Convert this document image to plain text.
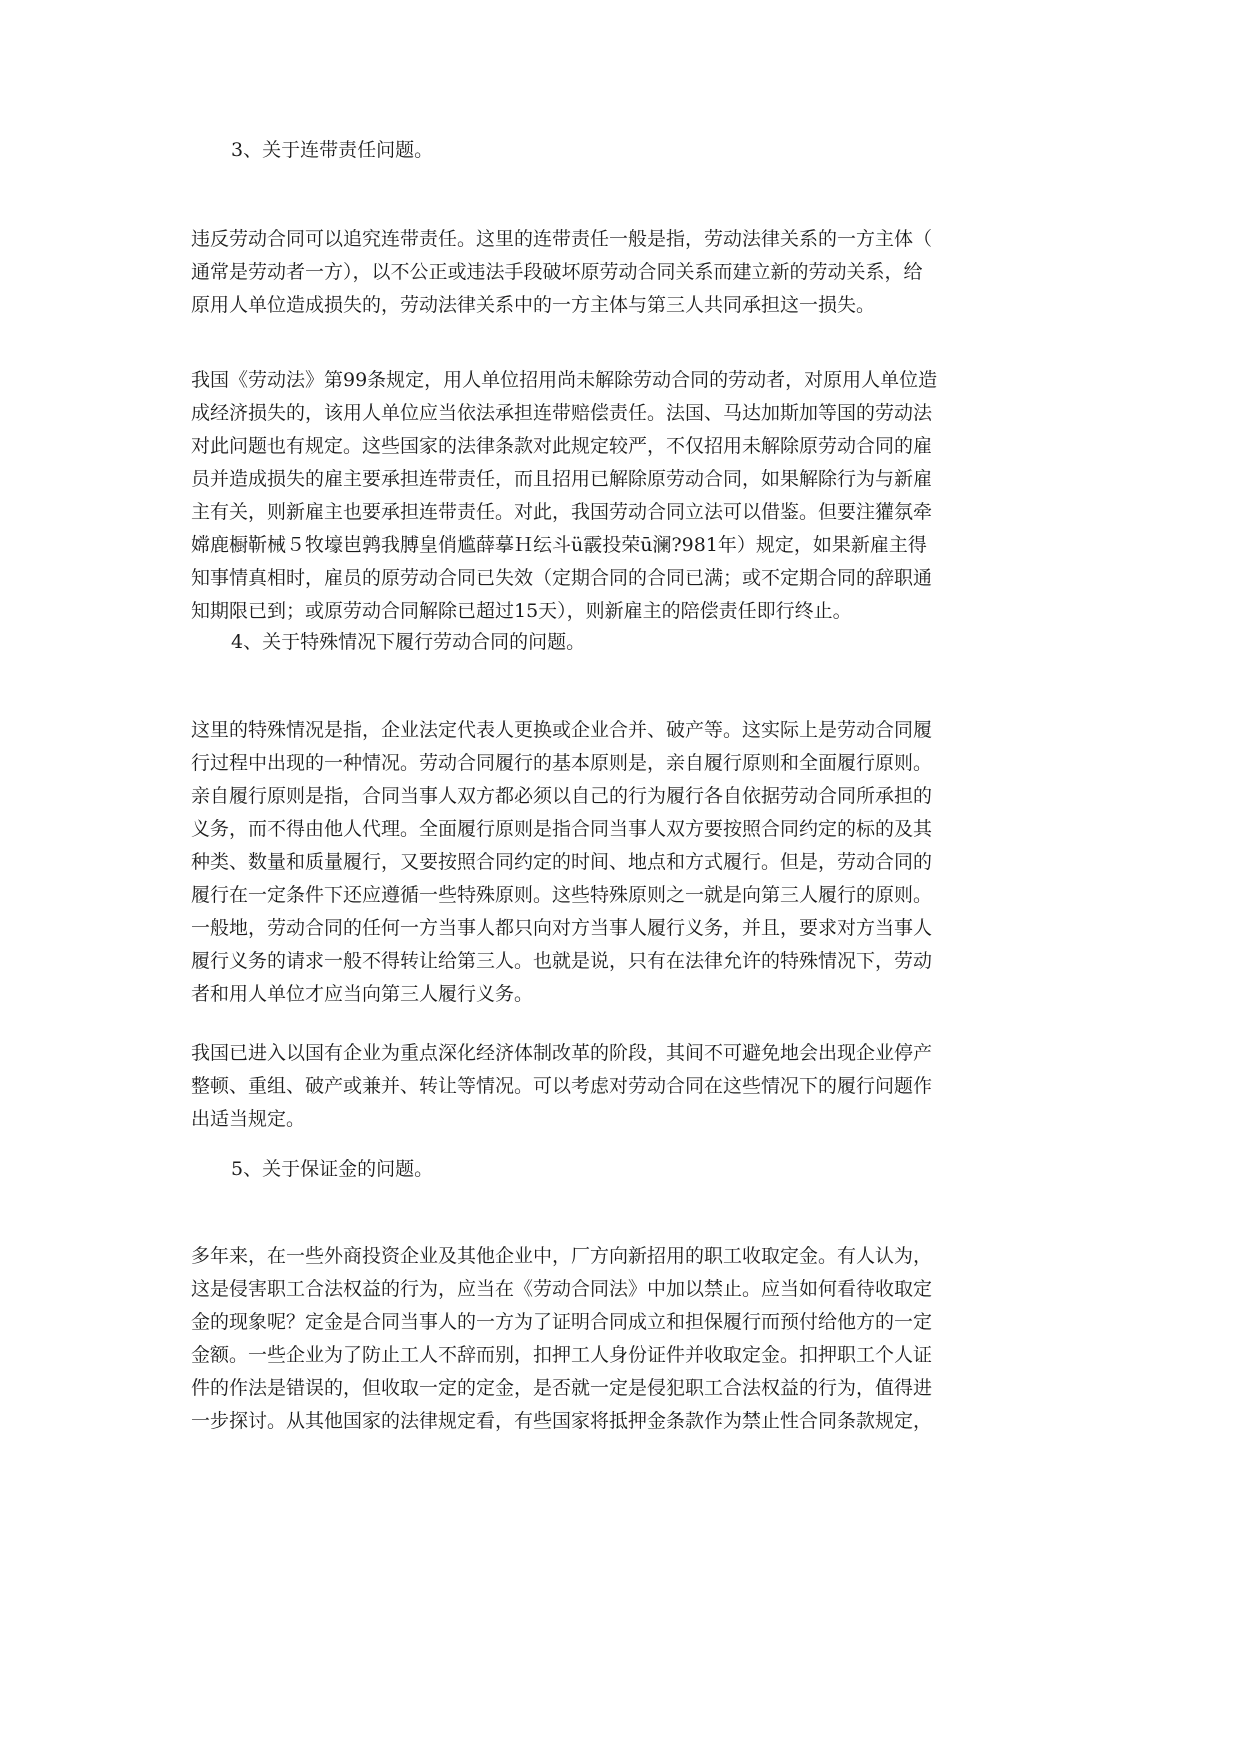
3、关于连带责任问题。
违反劳动合同可以追究连带责任。这里的连带责任一般是指，劳动法律关系的一方主体（
通常是劳动者一方），以不公正或违法手段破坏原劳动合同关系而建立新的劳动关系，给
原用人单位造成损失的，劳动法律关系中的一方主体与第三人共同承担这一损失。
我国《劳动法》第99条规定，用人单位招用尚未解除劳动合同的劳动者，对原用人单位造
成经济损失的，该用人单位应当依法承担连带赔偿责任。法国、马达加斯加等国的劳动法
对此问题也有规定。这些国家的法律条款对此规定较严，不仅招用未解除原劳动合同的雇
员并造成损失的雇主要承担连带责任，而且招用已解除原劳动合同，如果解除行为与新雇
主有关，则新雇主也要承担连带责任。对此，我国劳动合同立法可以借鉴。但要注獾氛牵
嫦鹿橱靳械５牧壕岜鹑我膊皇俏尴薛摹Ｈ纭斗ü霰投荣ū澜?981年）规定，如果新雇主得
知事情真相时，雇员的原劳动合同已失效（定期合同的合同已满；或不定期合同的辞职通
知期限已到；或原劳动合同解除已超过15天），则新雇主的陪偿责任即行终止。
4、关于特殊情况下履行劳动合同的问题。
这里的特殊情况是指，企业法定代表人更换或企业合并、破产等。这实际上是劳动合同履
行过程中出现的一种情况。劳动合同履行的基本原则是，亲自履行原则和全面履行原则。
亲自履行原则是指，合同当事人双方都必须以自己的行为履行各自依据劳动合同所承担的
义务，而不得由他人代理。全面履行原则是指合同当事人双方要按照合同约定的标的及其
种类、数量和质量履行，又要按照合同约定的时间、地点和方式履行。但是，劳动合同的
履行在一定条件下还应遵循一些特殊原则。这些特殊原则之一就是向第三人履行的原则。
一般地，劳动合同的任何一方当事人都只向对方当事人履行义务，并且，要求对方当事人
履行义务的请求一般不得转让给第三人。也就是说，只有在法律允许的特殊情况下，劳动
者和用人单位才应当向第三人履行义务。
我国已进入以国有企业为重点深化经济体制改革的阶段，其间不可避免地会出现企业停产
整顿、重组、破产或兼并、转让等情况。可以考虑对劳动合同在这些情况下的履行问题作
出适当规定。
5、关于保证金的问题。
多年来，在一些外商投资企业及其他企业中，厂方向新招用的职工收取定金。有人认为，
这是侵害职工合法权益的行为，应当在《劳动合同法》中加以禁止。应当如何看待收取定
金的现象呢？定金是合同当事人的一方为了证明合同成立和担保履行而预付给他方的一定
金额。一些企业为了防止工人不辞而别，扣押工人身份证件并收取定金。扣押职工个人证
件的作法是错误的，但收取一定的定金，是否就一定是侵犯职工合法权益的行为，值得进
一步探讨。从其他国家的法律规定看，有些国家将抵押金条款作为禁止性合同条款规定，
